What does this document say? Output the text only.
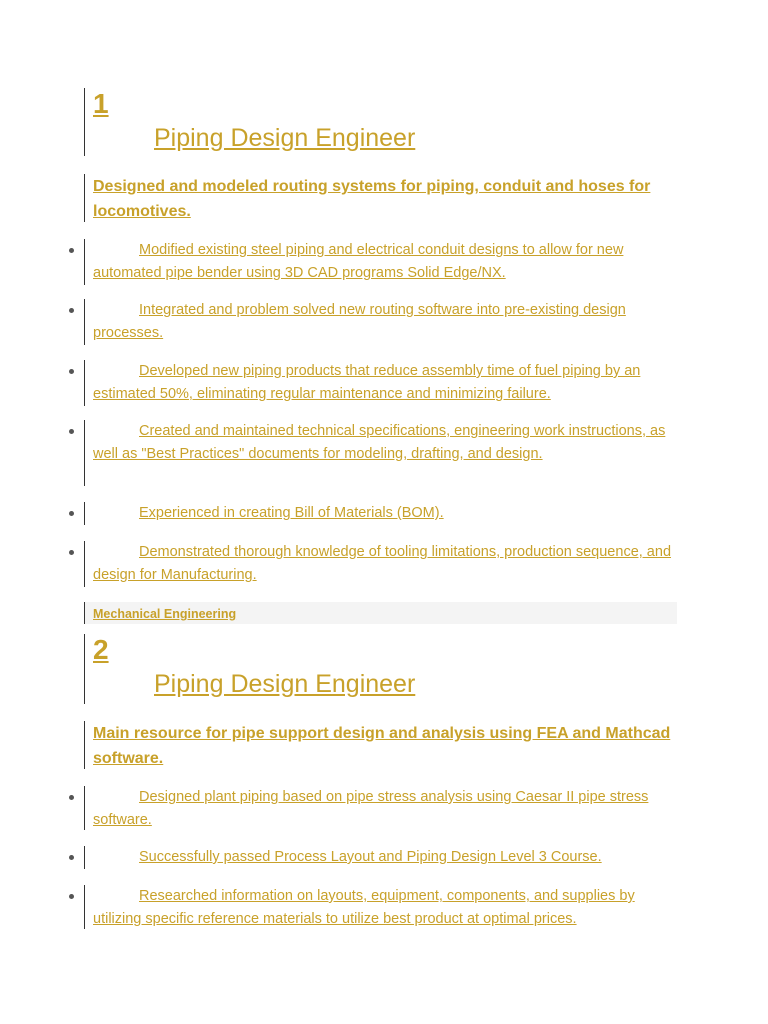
1
Piping Design Engineer
Designed and modeled routing systems for piping, conduit and hoses for locomotives.
Modified existing steel piping and electrical conduit designs to allow for new automated pipe bender using 3D CAD programs Solid Edge/NX.
Integrated and problem solved new routing software into pre-existing design processes.
Developed new piping products that reduce assembly time of fuel piping by an estimated 50%, eliminating regular maintenance and minimizing failure.
Created and maintained technical specifications, engineering work instructions, as well as "Best Practices" documents for modeling, drafting, and design.
Experienced in creating Bill of Materials (BOM).
Demonstrated thorough knowledge of tooling limitations, production sequence, and design for Manufacturing.
Mechanical Engineering
2
Piping Design Engineer
Main resource for pipe support design and analysis using FEA and Mathcad software.
Designed plant piping based on pipe stress analysis using Caesar II pipe stress software.
Successfully passed Process Layout and Piping Design Level 3 Course.
Researched information on layouts, equipment, components, and supplies by utilizing specific reference materials to utilize best product at optimal prices.
